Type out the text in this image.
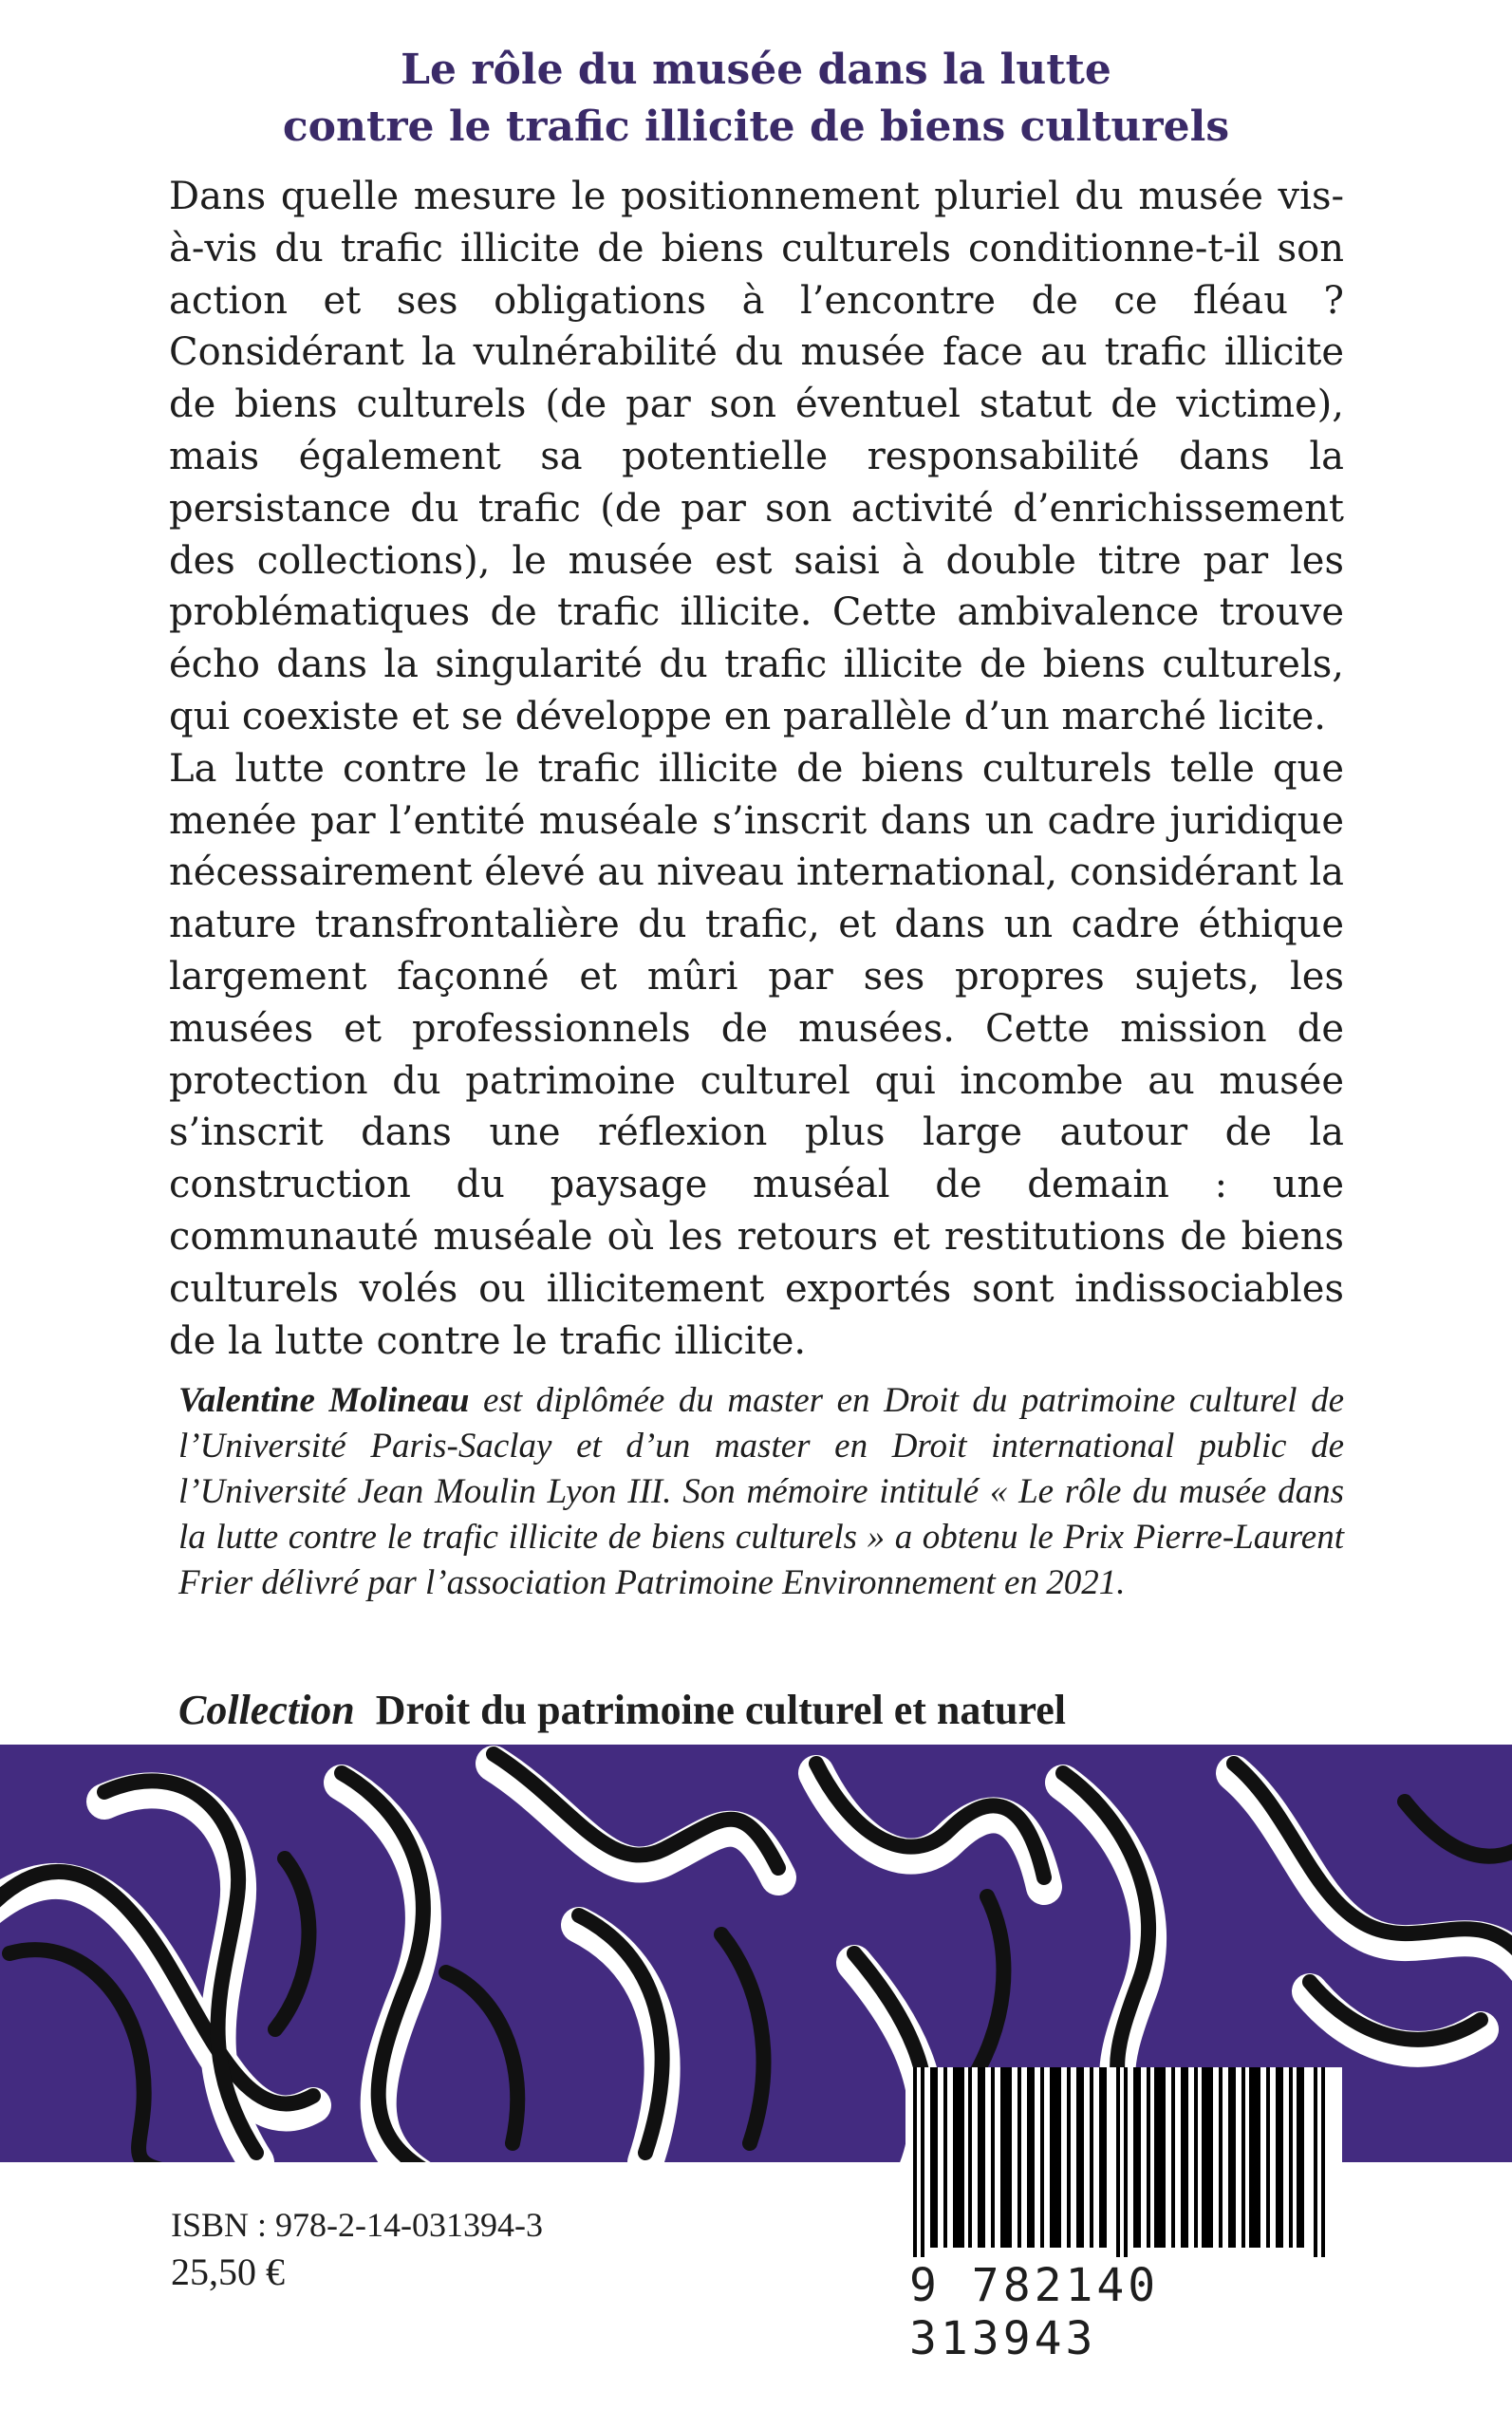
Le rôle du musée dans la lutte
contre le trafic illicite de biens culturels

Dans quelle mesure le positionnement pluriel du musée vis-à-vis du trafic illicite de biens culturels conditionne-t-il son action et ses obligations à l’encontre de ce fléau ? Considérant la vulnérabilité du musée face au trafic illicite de biens culturels (de par son éventuel statut de victime), mais également sa potentielle responsabilité dans la persistance du trafic (de par son activité d’enrichissement des collections), le musée est saisi à double titre par les problématiques de trafic illicite. Cette ambivalence trouve écho dans la singularité du trafic illicite de biens culturels, qui coexiste et se développe en parallèle d’un marché licite.

La lutte contre le trafic illicite de biens culturels telle que menée par l’entité muséale s’inscrit dans un cadre juridique nécessairement élevé au niveau international, considérant la nature transfrontalière du trafic, et dans un cadre éthique largement façonné et mûri par ses propres sujets, les musées et professionnels de musées. Cette mission de protection du patrimoine culturel qui incombe au musée s’inscrit dans une réflexion plus large autour de la construction du paysage muséal de demain : une communauté muséale où les retours et restitutions de biens culturels volés ou illicitement exportés sont indissociables de la lutte contre le trafic illicite.

Valentine Molineau est diplômée du master en Droit du patrimoine culturel de l’Université Paris-Saclay et d’un master en Droit international public de l’Université Jean Moulin Lyon III. Son mémoire intitulé « Le rôle du musée dans la lutte contre le trafic illicite de biens culturels » a obtenu le Prix Pierre-Laurent Frier délivré par l’association Patrimoine Environnement en 2021.
Collection Droit du patrimoine culturel et naturel
9 782140 313943
ISBN : 978-2-14-031394-3
25,50 €
